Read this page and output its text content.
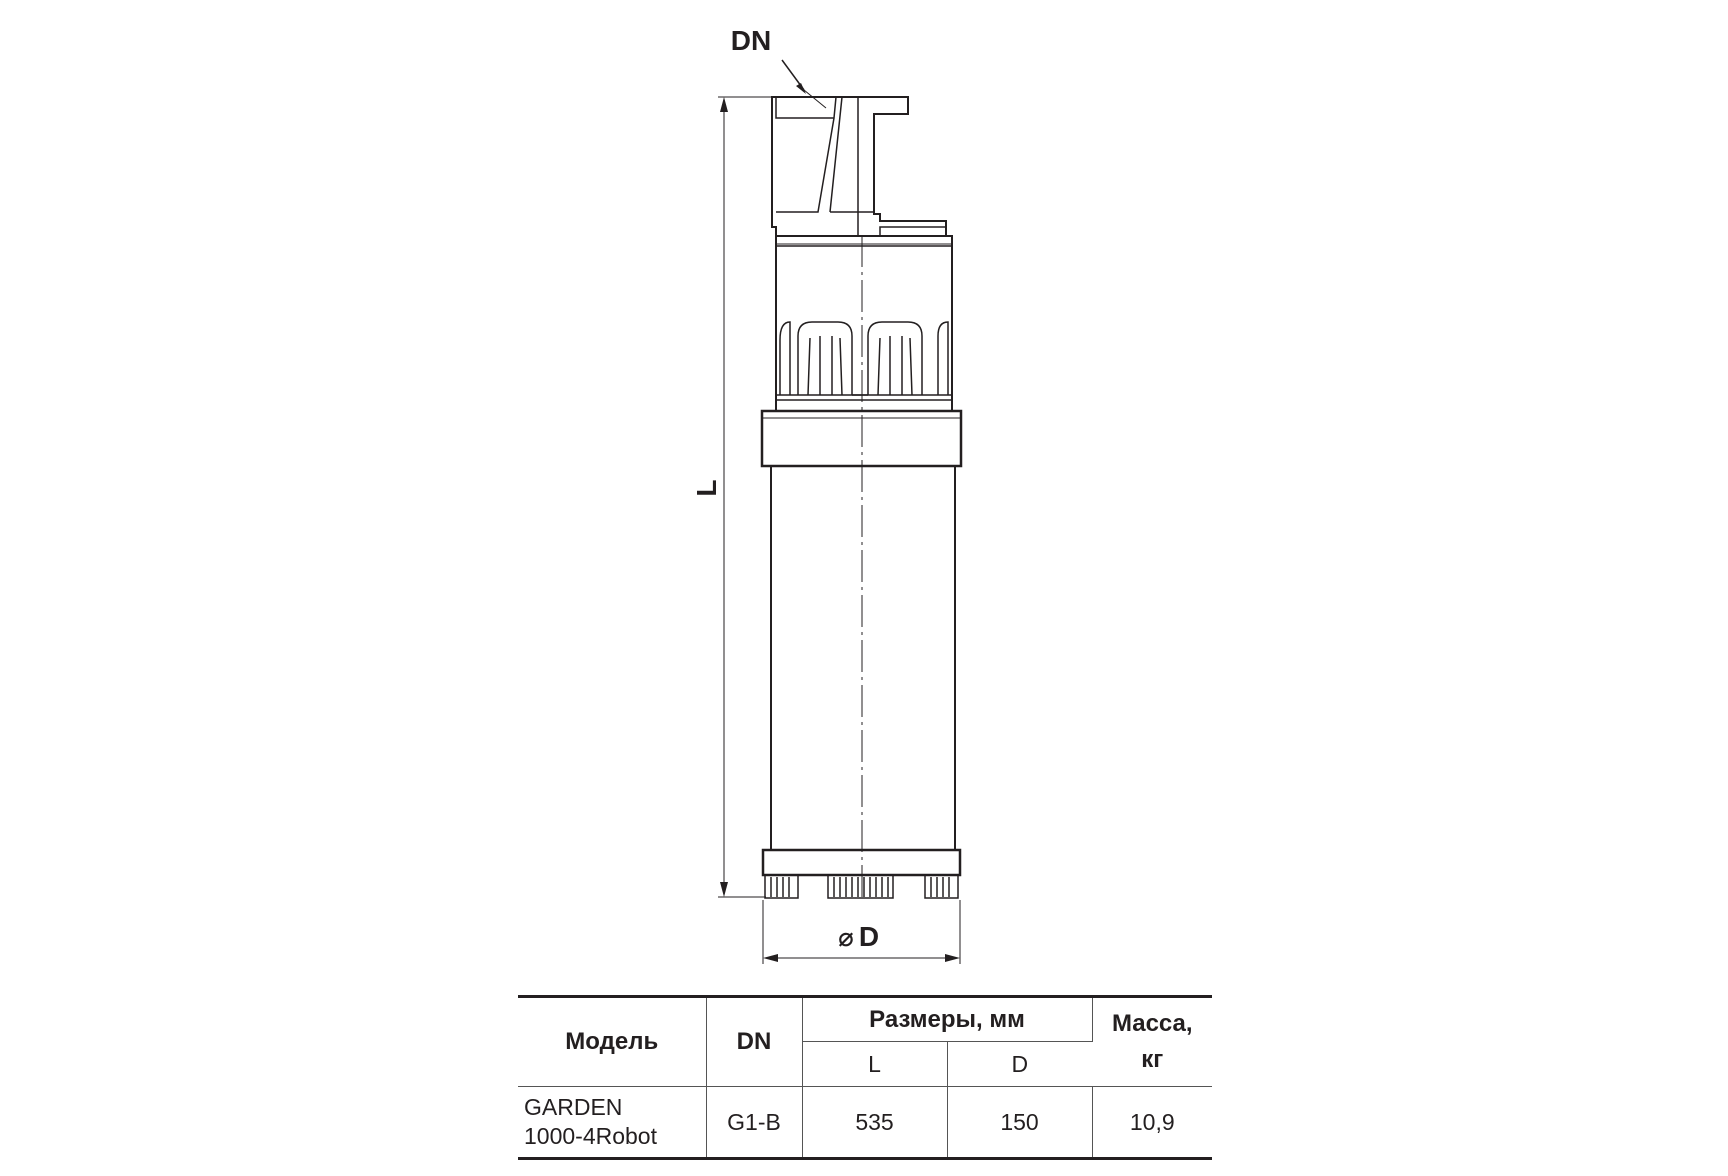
DN
L
⌀ D
Модель	DN	Размеры, мм		Масса,
кг
		L	D	
GARDEN
1000-4Robot	G1-B	535	150	10,9
